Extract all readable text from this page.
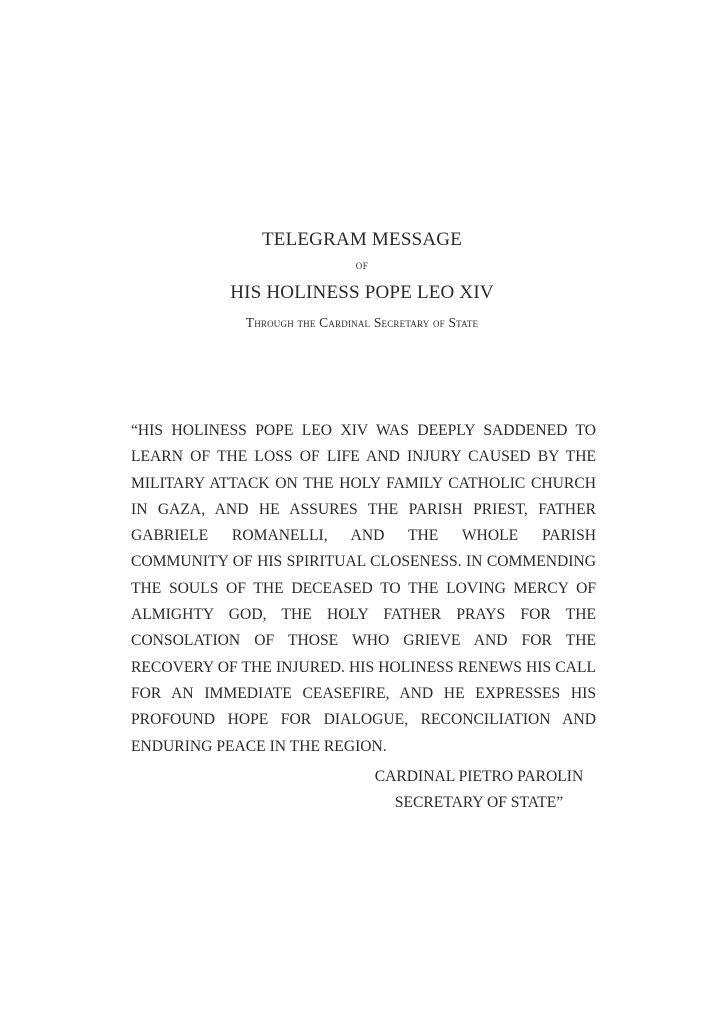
TELEGRAM MESSAGE
OF
HIS HOLINESS POPE LEO XIV
Through the Cardinal Secretary of State
“HIS HOLINESS POPE LEO XIV WAS DEEPLY SADDENED TO LEARN OF THE LOSS OF LIFE AND INJURY CAUSED BY THE MILITARY ATTACK ON THE HOLY FAMILY CATHOLIC CHURCH IN GAZA, AND HE ASSURES THE PARISH PRIEST, FATHER GABRIELE ROMANELLI, AND THE WHOLE PARISH COMMUNITY OF HIS SPIRITUAL CLOSENESS. IN COMMENDING THE SOULS OF THE DECEASED TO THE LOVING MERCY OF ALMIGHTY GOD, THE HOLY FATHER PRAYS FOR THE CONSOLATION OF THOSE WHO GRIEVE AND FOR THE RECOVERY OF THE INJURED. HIS HOLINESS RENEWS HIS CALL FOR AN IMMEDIATE CEASEFIRE, AND HE EXPRESSES HIS PROFOUND HOPE FOR DIALOGUE, RECONCILIATION AND ENDURING PEACE IN THE REGION.
CARDINAL PIETRO PAROLIN
SECRETARY OF STATE”
